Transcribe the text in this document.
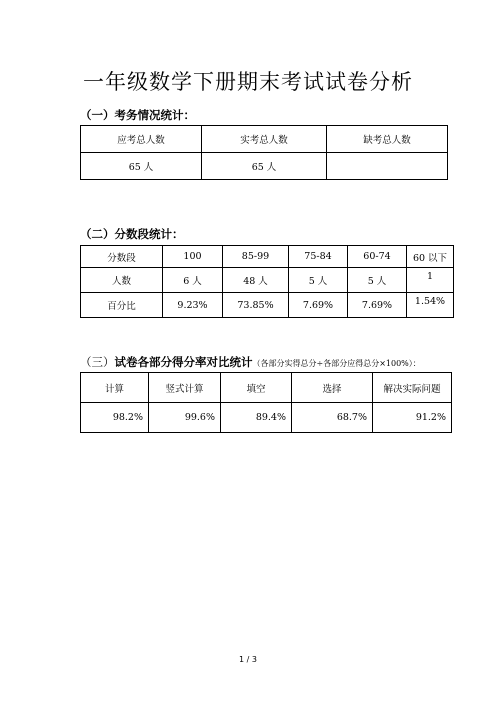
一年级数学下册期末考试试卷分析
（一）考务情况统计：
应考总人数	实考总人数	缺考总人数
65 人	65 人	
（二）分数段统计：
分数段	100	85-99	75-84	60-74	60 以下
人数	6 人	48 人	5 人	5 人	1
百分比	9.23%	73.85%	7.69%	7.69%	1.54%
（三）试卷各部分得分率对比统计（各部分实得总分÷各部分应得总分×100%）：
计算	竖式计算	填空	选择	解决实际问题
98.2%	99.6%	89.4%	68.7%	91.2%
1 / 3
